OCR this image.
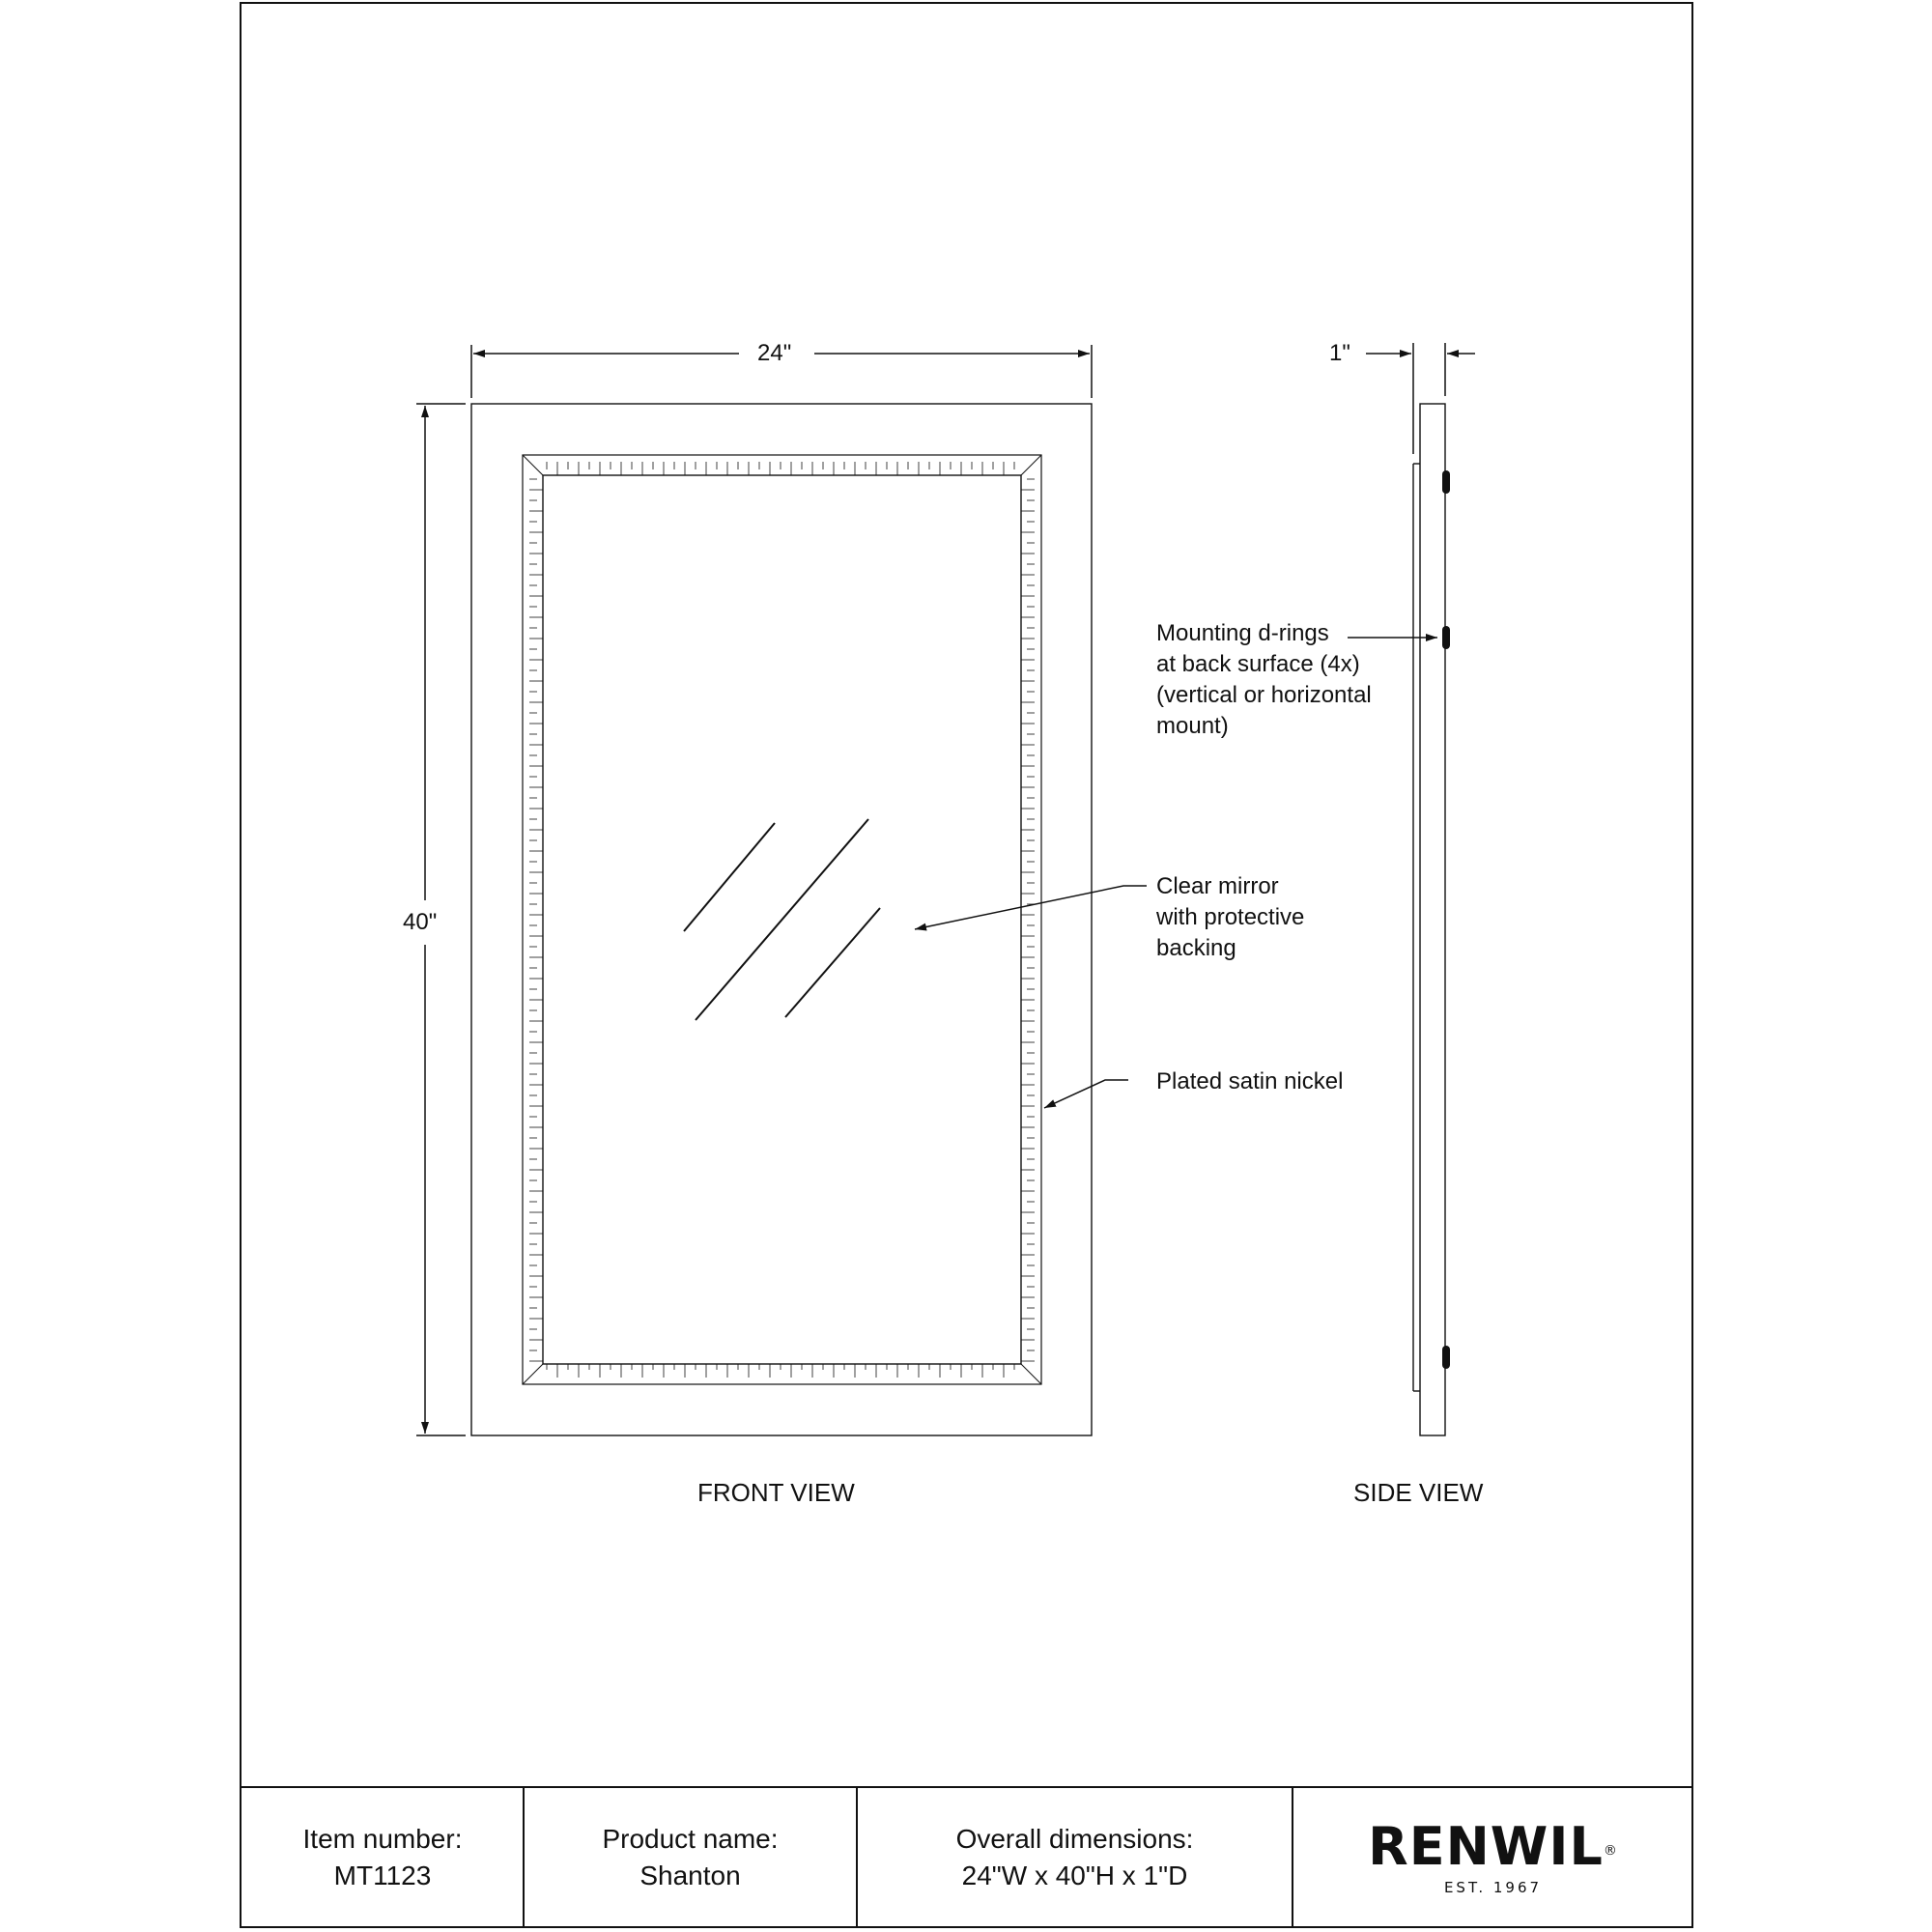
24"
40"
1"
FRONT VIEW	SIDE VIEW
Mounting d-rings
at back surface (4x)
(vertical or horizontal
mount)
Clear mirror
with protective
backing
Plated satin nickel
Item number:
MT1123
Product name:
Shanton
Overall dimensions:
24"W x 40"H x 1"D	RENWIL®
EST. 1967
